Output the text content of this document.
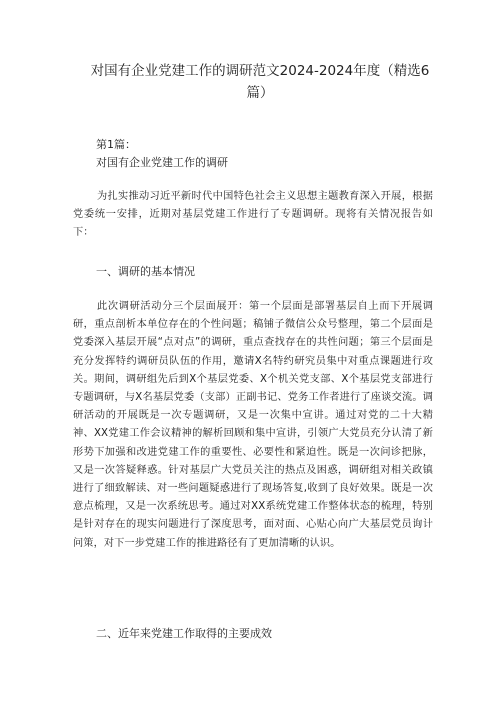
对国有企业党建工作的调研范文2024-2024年度（精选6篇）

第1篇：

对国有企业党建工作的调研

为扎实推动习近平新时代中国特色社会主义思想主题教育深入开展，根据党委统一安排，近期对基层党建工作进行了专题调研。现将有关情况报告如下：

一、调研的基本情况

此次调研活动分三个层面展开：第一个层面是部署基层自上而下开展调研，重点剖析本单位存在的个性问题；稿铺子微信公众号整理，第二个层面是党委深入基层开展“点对点”的调研，重点查找存在的共性问题；第三个层面是充分发挥特约调研员队伍的作用，邀请X名特约研究员集中对重点课题进行攻关。期间，调研组先后到X个基层党委、X个机关党支部、X个基层党支部进行专题调研，与X名基层党委（支部）正副书记、党务工作者进行了座谈交流。调研活动的开展既是一次专题调研，又是一次集中宣讲。通过对党的二十大精神、XX党建工作会议精神的解析回顾和集中宣讲，引领广大党员充分认清了新形势下加强和改进党建工作的重要性、必要性和紧迫性。既是一次问诊把脉，又是一次答疑释惑。针对基层广大党员关注的热点及困惑，调研组对相关政镇进行了细致解读、对一些问题疑惑进行了现场答复,收到了良好效果。既是一次意点梳理，又是一次系统思考。通过对XX系统党建工作整体状态的梳理，特别是针对存在的现实问题进行了深度思考，面对面、心贴心向广大基层党员询计问策，对下一步党建工作的推进路径有了更加清晰的认识。

二、近年来党建工作取得的主要成效
